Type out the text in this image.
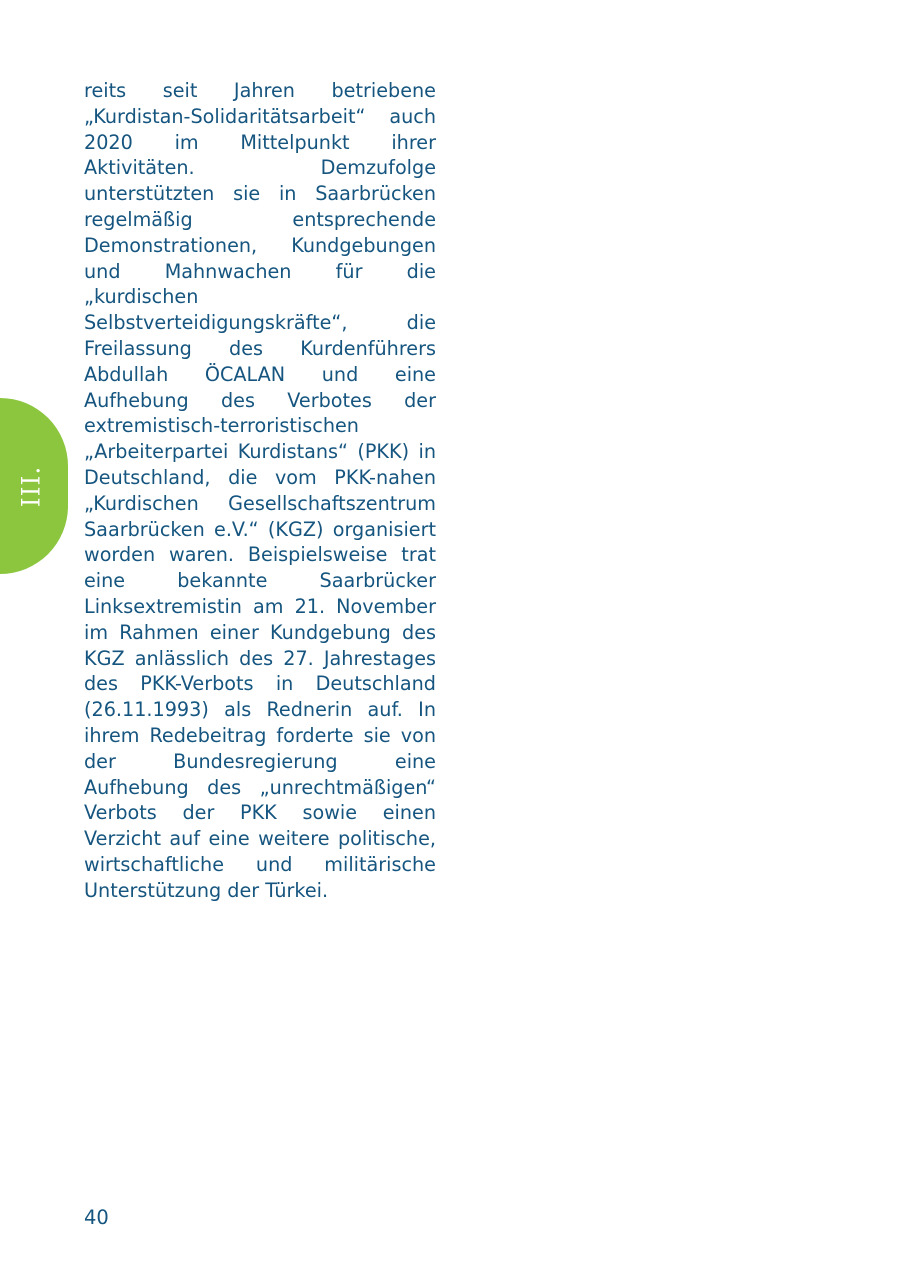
III.

reits seit Jahren betriebene „Kurdistan-Solidaritätsarbeit“ auch 2020 im Mittelpunkt ihrer Aktivitäten. Demzufolge unterstützten sie in Saarbrücken regelmäßig entsprechende Demonstrationen, Kundgebungen und Mahnwachen für die „kurdischen Selbstverteidigungskräfte“, die Freilassung des Kurdenführers Abdullah ÖCALAN und eine Aufhebung des Verbotes der extremistisch-terroristischen „Arbeiterpartei Kurdistans“ (PKK) in Deutschland, die vom PKK-nahen „Kurdischen Gesellschaftszentrum Saarbrücken e.V.“ (KGZ) organisiert worden waren. Beispielsweise trat eine bekannte Saarbrücker Linksextremistin am 21. November im Rahmen einer Kundgebung des KGZ anlässlich des 27. Jahrestages des PKK-Verbots in Deutschland (26.11.1993) als Rednerin auf. In ihrem Redebeitrag forderte sie von der Bundesregierung eine Aufhebung des „unrechtmäßigen“ Verbots der PKK sowie einen Verzicht auf eine weitere politische, wirtschaftliche und militärische Unterstützung der Türkei.

40
